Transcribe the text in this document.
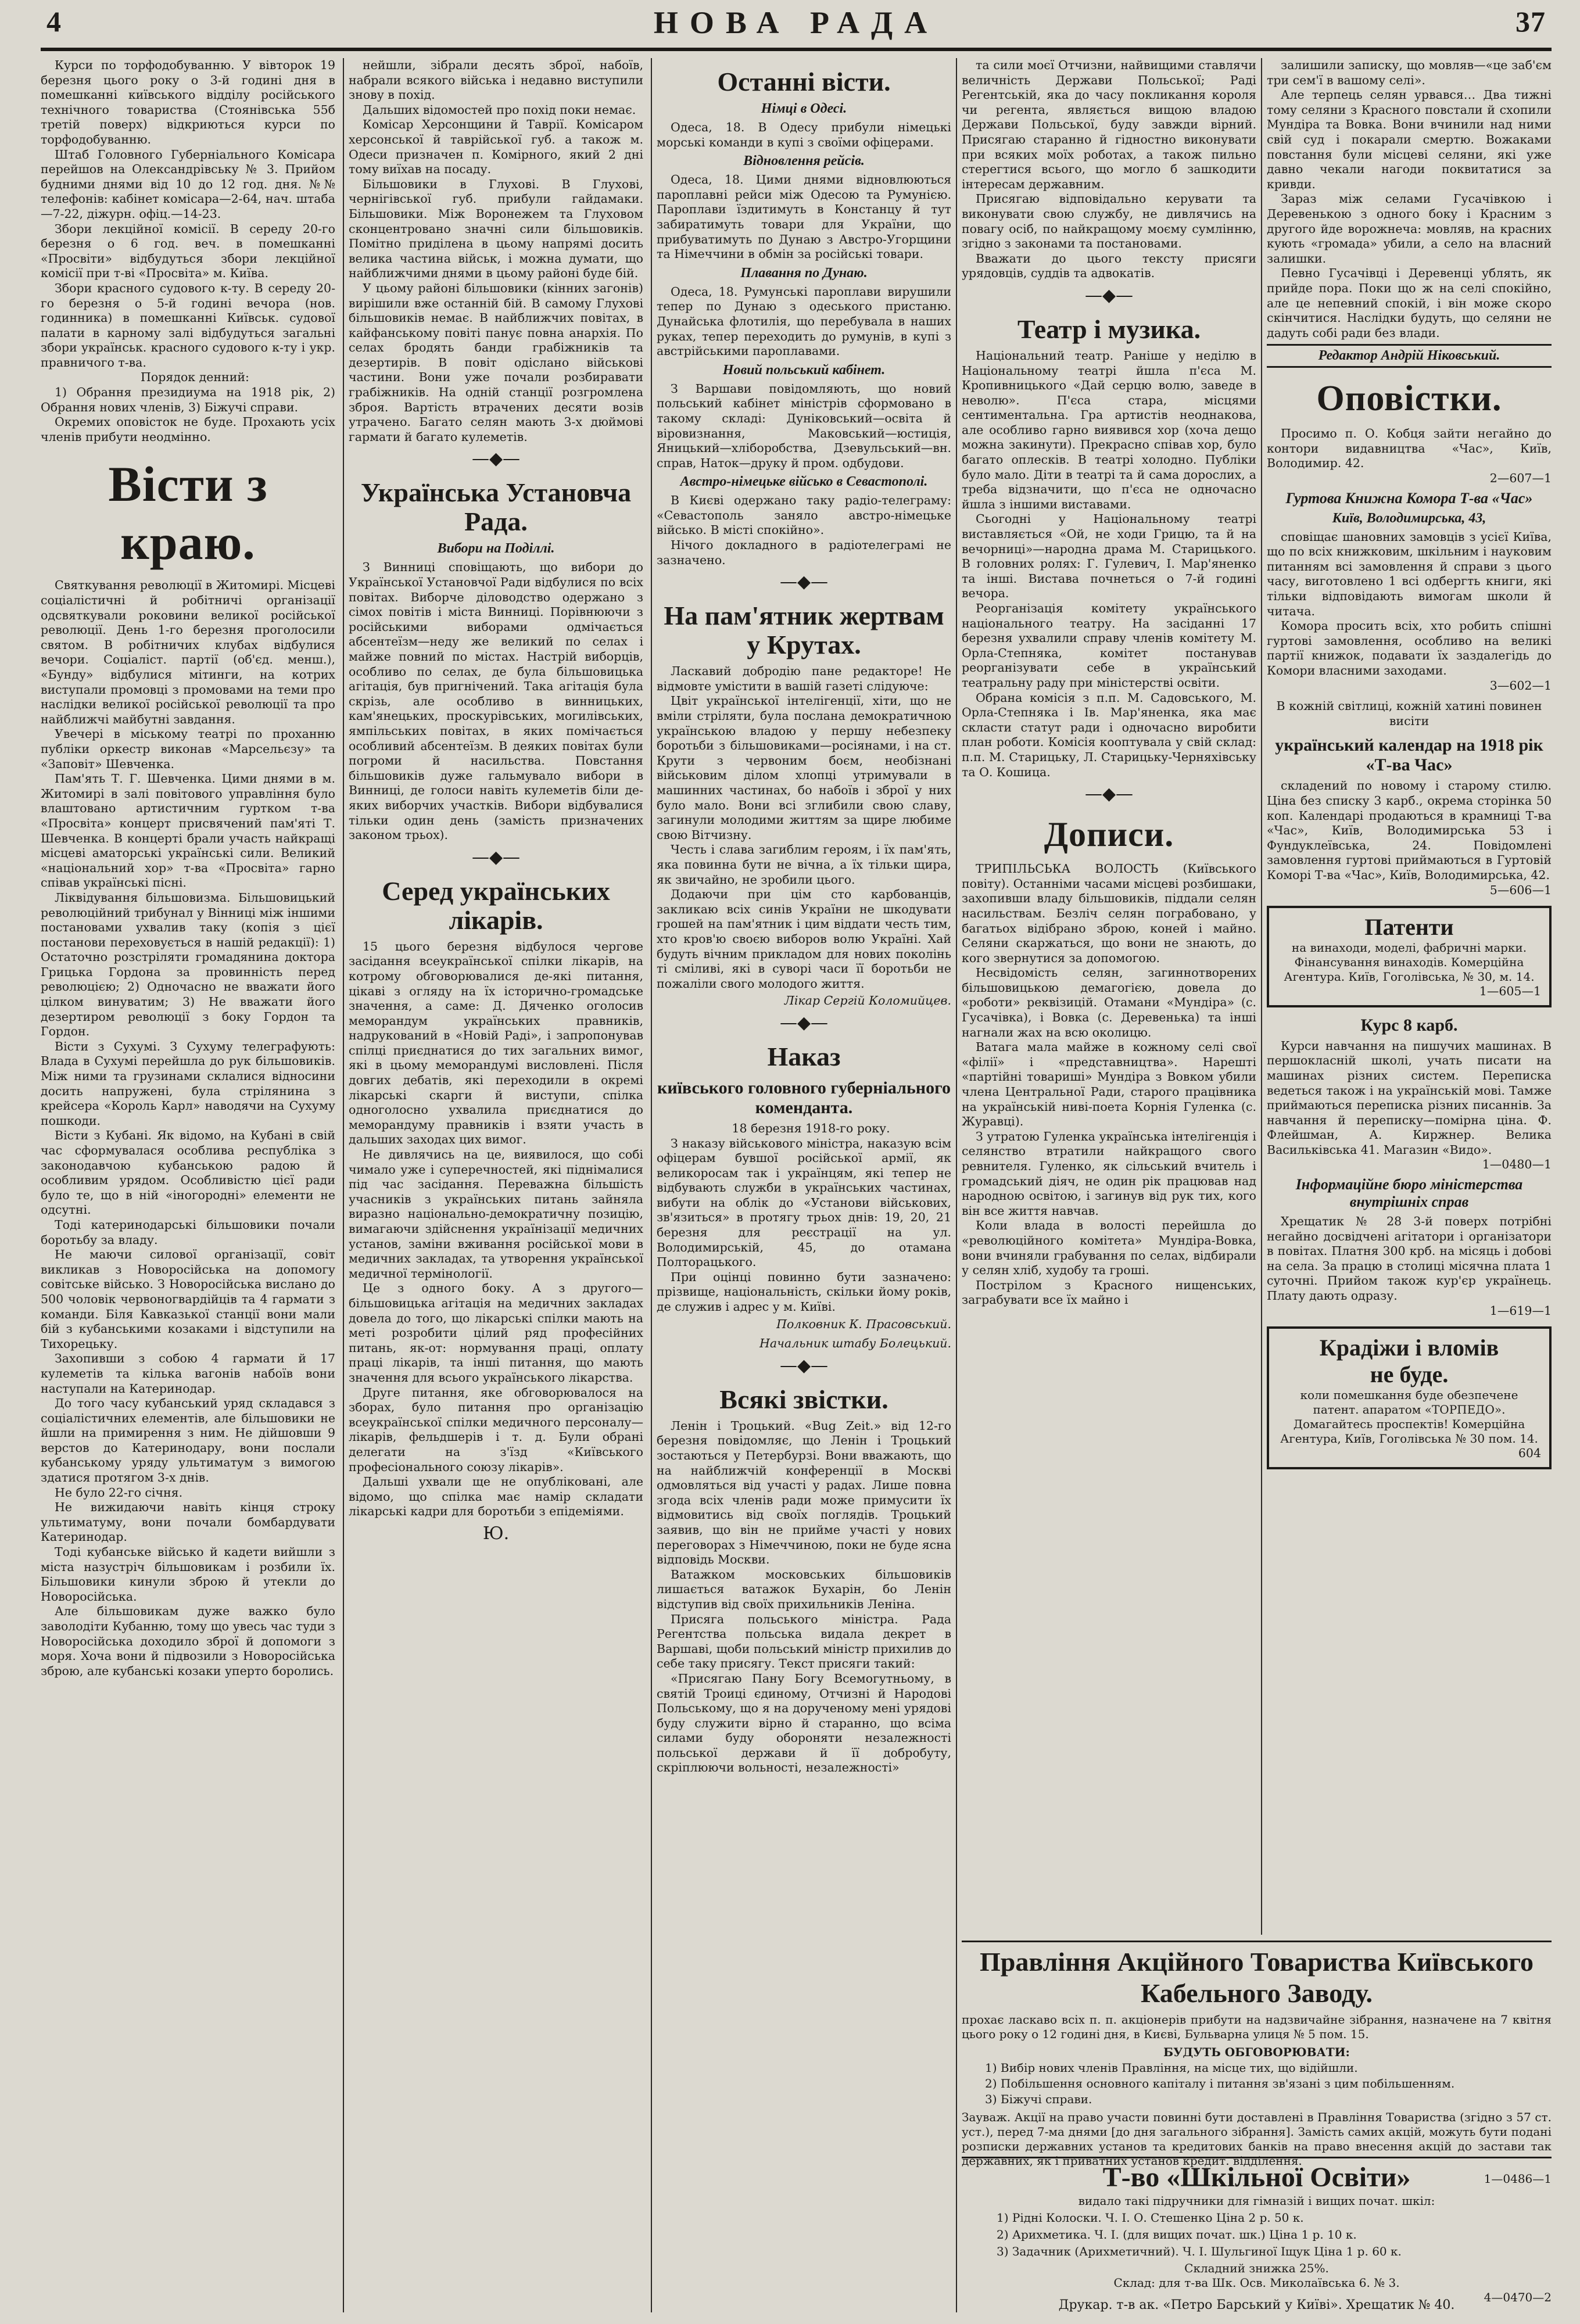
4	НОВА РАДА	37

Курси по торфодобуванню. У вівторок 19 березня цього року о 3-й годині дня в помешканні київського відділу російського технічного товариства (Стоянівська 55б третій поверх) відкриються курси по торфодобуванню.

Штаб Головного Губерніального Комісара перейшов на Олександрівську № 3. Прийом будними днями від 10 до 12 год. дня. №№ телефонів: кабінет комісара—2-64, нач. штаба—7-22, діжурн. офіц.—14-23.

Збори лекційної комісії. В середу 20-го березня о 6 год. веч. в помешканні «Просвіти» відбудуться збори лекційної комісії при т-ві «Просвіта» м. Київа.

Збори красного судового к-ту. В середу 20-го березня о 5-й годині вечора (нов. годинника) в помешканні Київськ. судової палати в карному залі відбудуться загальні збори українськ. красного судового к-ту і укр. правничого т-ва.

Порядок денний:

1) Обрання президиума на 1918 рік, 2) Обрання нових членів, 3) Біжучі справи.

Окремих оповісток не буде. Прохають усіх членів прибути неодмінно.

Вісти з краю.

Святкування революції в Житомирі. Місцеві соціалістичні й робітничі організації одсвяткували роковини великої російської революції. День 1-го березня проголосили святом. В робітничих клубах відбулися вечори. Соціаліст. партії (об'єд. менш.), «Бунду» відбулися мітинги, на котрих виступали промовці з промовами на теми про наслідки великої російської революції та про найближчі майбутні завдання.

Увечері в міському театрі по проханню публіки оркестр виконав «Марсельєзу» та «Заповіт» Шевченка.

Пам'ять Т. Г. Шевченка. Цими днями в м. Житомирі в залі повітового управління було влаштовано артистичним гуртком т-ва «Просвіта» концерт присвячений пам'яті Т. Шевченка. В концерті брали участь найкращі місцеві аматорські українські сили. Великий «національний хор» т-ва «Просвіта» гарно співав українські пісні.

Ліквідування більшовизма. Більшовицький революційний трибунал у Вінниці між іншими постановами ухвалив таку (копія з цієї постанови переховується в нашій редакції): 1) Остаточно розстріляти громадянина доктора Грицька Гордона за провинність перед революцією; 2) Одночасно не вважати його цілком винуватим; 3) Не вважати його дезертиром революції з боку Гордон та Гордон.

Вісти з Сухумі. З Сухуму телеграфують: Влада в Сухумі перейшла до рук більшовиків. Між ними та грузинами склалися відносини досить напружені, була стрілянина з крейсера «Король Карл» наводячи на Сухуму пошкоди.

Вісти з Кубані. Як відомо, на Кубані в свій час сформувалася особлива республіка з законодавчою кубанською радою й особливим урядом. Особливістю цієї ради було те, що в ній «іногородні» елементи не одсутні.

Тоді катеринодарські більшовики почали боротьбу за владу.

Не маючи силової організації, совіт викликав з Новоросійська на допомогу совітське військо. З Новоросійська вислано до 500 чоловік червоногвардійців та 4 гармати з команди. Біля Кавказької станції вони мали бій з кубанськими козаками і відступили на Тихорецьку.

Захопивши з собою 4 гармати й 17 кулеметів та кілька вагонів набоїв вони наступали на Катеринодар.

До того часу кубанський уряд складався з соціалістичних елементів, але більшовики не йшли на примирення з ним. Не дійшовши 9 верстов до Катеринодару, вони послали кубанському уряду ультиматум з вимогою здатися протягом 3-х днів.

Не було 22-го січня.

Не вижидаючи навіть кінця строку ультиматуму, вони почали бомбардувати Катеринодар.

Тоді кубанське військо й кадети вийшли з міста назустріч більшовикам і розбили їх. Більшовики кинули зброю й утекли до Новоросійська.

Але більшовикам дуже важко було заволодіти Кубанню, тому що увесь час туди з Новоросійська доходило зброї й допомоги з моря. Хоча вони й підвозили з Новоросійська зброю, але кубанські козаки уперто боролись.

нейшли, зібрали десять зброї, набоїв, набрали всякого війська і недавно виступили знову в похід.

Дальших відомостей про похід поки немає.

Комісар Херсонщини й Таврії. Комісаром херсонської й таврійської губ. а також м. Одеси призначен п. Комірного, який 2 дні тому виїхав на посаду.

Більшовики в Глухові. В Глухові, чернігівської губ. прибули гайдамаки. Більшовики. Між Воронежем та Глуховом сконцентровано значні сили більшовиків. Помітно приділена в цьому напрямі досить велика частина військ, і можна думати, що найближчими днями в цьому районі буде бій.

У цьому районі більшовики (кінних загонів) вирішили вже останній бій. В самому Глухові більшовиків немає. В найближчих повітах, в кайфанському повіті панує повна анархія. По селах бродять банди грабіжників та дезертирів. В повіт одіслано військові частини. Вони уже почали розбиравати грабіжників. На одній станції розгромлена зброя. Вартість втрачених десяти возів утрачено. Багато селян мають 3-х дюймові гармати й багато кулеметів.

—◆—
Українська Установча Рада.
Вибори на Поділлі.

З Винниці сповіщають, що вибори до Української Установчої Ради відбулися по всіх повітах. Виборче діловодство одержано з сімох повітів і міста Винниці. Порівнюючи з російськими виборами одмічається абсентеїзм—неду же великий по селах і майже повний по містах. Настрій виборців, особливо по селах, де була більшовицька агітація, був пригнічений. Така агітація була скрізь, але особливо в винницьких, кам'янецьких, проскурівських, могилівських, ямпільських повітах, в яких помічається особливий абсентеїзм. В деяких повітах були погроми й насильства. Повстання більшовиків дуже гальмувало вибори в Винниці, де голоси навіть кулеметів біли де-яких виборчих участків. Вибори відбувалися тільки один день (замість призначених законом трьох).

—◆—
Серед українських лікарів.

15 цього березня відбулося чергове засідання всеукраїнської спілки лікарів, на котрому обговорювалися де-які питання, цікаві з огляду на їх історично-громадське значення, а саме: Д. Дяченко оголосив меморандум українських правників, надрукований в «Новій Раді», і запропонував спілці приєднатися до тих загальних вимог, які в цьому меморандумі висловлені. Після довгих дебатів, які переходили в окремі лікарські скарги й виступи, спілка одноголосно ухвалила приєднатися до меморандуму правників і взяти участь в дальших заходах цих вимог.

Не дивлячись на це, виявилося, що собі чимало уже і суперечностей, які піднімалися під час засідання. Переважна більшість учасників з українських питань зайняла виразно національно-демократичну позицію, вимагаючи здійснення українізації медичних установ, заміни вживання російської мови в медичних закладах, та утворення української медичної термінології.

Це з одного боку. А з другого—більшовицька агітація на медичних закладах довела до того, що лікарські спілки мають на меті розробити цілий ряд професійних питань, як-от: нормування праці, оплату праці лікарів, та інші питання, що мають значення для всього українського лікарства.

Друге питання, яке обговорювалося на зборах, було питання про організацію всеукраїнської спілки медичного персоналу—лікарів, фельдшерів і т. д. Були обрані делегати на з'їзд «Київського професіонального союзу лікарів».

Дальші ухвали ще не опубліковані, але відомо, що спілка має намір складати лікарські кадри для боротьби з епідеміями.

Ю.
Останні вісти.
Німці в Одесі.

Одеса, 18. В Одесу прибули німецькі морські команди в купі з своїми офіцерами.

Відновлення рейсів.

Одеса, 18. Цими днями відновлюються пароплавні рейси між Одесою та Румунією. Пароплави їздитимуть в Констанцу й тут забиратимуть товари для України, що прибуватимуть по Дунаю з Австро-Угорщини та Німеччини в обмін за російські товари.

Плавання по Дунаю.

Одеса, 18. Румунські пароплави вирушили тепер по Дунаю з одеського пристаню. Дунайська флотилія, що перебувала в наших руках, тепер переходить до румунів, в купі з австрійськими пароплавами.

Новий польський кабінет.

З Варшави повідомляють, що новий польський кабінет міністрів сформовано в такому складі: Дуніковський—освіта й віровизнання, Маковський—юстиція, Яницький—хліборобства, Дзевульський—вн. справ, Наток—друку й пром. одбудови.

Австро-німецьке військо в Севастополі.

В Києві одержано таку радіо-телеграму: «Севастополь заняло австро-німецьке військо. В місті спокійно».

Нічого докладного в радіотелеграмі не зазначено.

—◆—
На пам'ятник жертвам у Крутах.

Ласкавий добродію пане редакторе! Не відмовте умістити в вашій газеті слідуюче:

Цвіт української інтелігенції, хіти, що не вміли стріляти, була послана демократичною українською владою у першу небезпеку боротьби з більшовиками—росіянами, і на ст. Крути з червоним боєм, необізнані військовим ділом хлопці утримували в машинних частинах, бо набоїв і зброї у них було мало. Вони всі зглибили свою славу, загинули молодими життям за щире любиме свою Вітчизну.

Честь і слава загиблим героям, і їх пам'ять, яка повинна бути не вічна, а їх тільки щира, як звичайно, не зробили цього.

Додаючи при цім сто карбованців, закликаю всіх синів України не шкодувати грошей на пам'ятник і цим віддати честь тим, хто кров'ю своєю виборов волю Україні. Хай будуть вічним прикладом для нових поколінь ті сміливі, які в суворі часи її боротьби не пожаліли свого молодого життя.

Лікар Сергій Коломийцев.
—◆—
Наказ
київського головного губерніального коменданта.

18 березня 1918-го року.

З наказу військового міністра, наказую всім офіцерам бувшої російської армії, як великоросам так і українцям, які тепер не відбувають служби в українських частинах, вибути на облік до «Установи військових, зв'язиться» в протягу трьох днів: 19, 20, 21 березня для реєстрації на ул. Володимирській, 45, до отамана Полторацького.

При оцінці повинно бути зазначено: прізвище, національність, скільки йому років, де служив і адрес у м. Київі.

Полковник К. Прасовський.
Начальник штабу Болецький.
—◆—
Всякі звістки.

Ленін і Троцький. «Bug Zeit.» від 12-го березня повідомляє, що Ленін і Троцький зостаються у Петербурзі. Вони вважають, що на найближчій конференції в Москві одмовляться від участі у радах. Лише повна згода всіх членів ради може примусити їх відмовитись від своїх поглядів. Троцький заявив, що він не прийме участі у нових переговорах з Німеччиною, поки не буде ясна відповідь Москви.

Ватажком московських більшовиків лишається ватажок Бухарін, бо Ленін відступив від своїх прихильників Леніна.

Присяга польського міністра. Рада Регентства польська видала декрет в Варшаві, щоби польський міністр прихилив до себе таку присягу. Текст присяги такий:

«Присягаю Пану Богу Всемогутньому, в святій Троиці єдиному, Отчизні й Народові Польському, що я на дорученому мені урядові буду служити вірно й старанно, що всіма силами буду обороняти незалежності польської держави й її добробуту, скріплюючи вольності, незалежності»

та сили моєї Отчизни, найвищими ставлячи величність Держави Польської; Раді Регентській, яка до часу покликання короля чи регента, являється вищою владою Держави Польської, буду завжди вірний. Присягаю старанно й гідностно виконувати при всяких моїх роботах, а також пильно стерегтися всього, що могло б зашкодити інтересам державним.

Присягаю відповідально керувати та виконувати свою службу, не дивлячись на повагу осіб, по найкращому моєму сумлінню, згідно з законами та постановами.

Вважати до цього тексту присяги урядовців, суддів та адвокатів.

—◆—
Театр і музика.

Національний театр. Раніше у неділю в Національному театрі йшла п'єса М. Кропивницького «Дай серцю волю, заведе в неволю». П'єса стара, місцями сентиментальна. Гра артистів неоднакова, але особливо гарно виявився хор (хоча дещо можна закинути). Прекрасно співав хор, було багато оплесків. В театрі холодно. Публіки було мало. Діти в театрі та й сама дорослих, а треба відзначити, що п'єса не одночасно йшла з іншими виставами.

Сьогодні у Національному театрі виставляється «Ой, не ходи Грицю, та й на вечорниці»—народна драма М. Старицького. В головних ролях: Г. Гулевич, І. Мар'яненко та інші. Вистава почнеться о 7-й годині вечора.

Реорганізація комітету українського національного театру. На засіданні 17 березня ухвалили справу членів комітету М. Орла-Степняка, комітет постанував реорганізувати себе в український театральну раду при міністерстві освіти.

Обрана комісія з п.п. М. Садовського, М. Орла-Степняка і Ів. Мар'яненка, яка має скласти статут ради і одночасно виробити план роботи. Комісія кооптувала у свій склад: п.п. М. Старицьку, Л. Старицьку-Черняхівську та О. Кошица.

—◆—
Дописи.

ТРИПІЛЬСЬКА ВОЛОСТЬ (Київського повіту). Останніми часами місцеві розбишаки, захопивши владу більшовиків, піддали селян насильствам. Безліч селян пограбовано, у багатьох відібрано зброю, коней і майно. Селяни скаржаться, що вони не знають, до кого звернутися за допомогою.

Несвідомість селян, загиннотворених більшовицькою демагогією, довела до «роботи» реквізицій. Отамани «Мундіра» (с. Гусачівка), і Вовка (с. Деревенька) та інші нагнали жах на всю околицю.

Ватага мала майже в кожному селі свої «філії» і «представництва». Нарешті «партійні товариші» Мундіра з Вовком убили члена Центральної Ради, старого працівника на українській ниві-поета Корнія Гуленка (с. Журавці).

З утратою Гуленка українська інтелігенція і селянство втратили найкращого свого ревнителя. Гуленко, як сільський вчитель і громадський діяч, не один рік працював над народною освітою, і загинув від рук тих, кого він все життя навчав.

Коли влада в волості перейшла до «революційного комітета» Мундіра-Вовка, вони вчиняли грабування по селах, відбирали у селян хліб, худобу та гроші.

Пострілом з Красного нищенських, заграбувати все їх майно і

залишили записку, що мовляв—«це заб'єм три сем'ї в вашому селі».

Але терпець селян урвався… Два тижні тому селяни з Красного повстали й схопили Мундіра та Вовка. Вони вчинили над ними свій суд і покарали смертю. Вожаками повстання були місцеві селяни, які уже давно чекали нагоди поквитатися за кривди.

Зараз між селами Гусачівкою і Деревенькою з одного боку і Красним з другого йде ворожнеча: мовляв, на красних кують «громада» убили, а село на власний залишки.

Певно Гусачівці і Деревенці ублять, як прийде пора. Поки що ж на селі спокійно, але це непевний спокій, і він може скоро скінчитися. Наслідки будуть, що селяни не дадуть собі ради без влади.

Редактор Андрій Ніковський.
Оповістки.

Просимо п. О. Кобця зайти негайно до контори видавництва «Час», Київ, Володимир. 42.

2—607—1
Гуртова Книжна Комора Т-ва «Час»
Київ, Володимирська, 43,

сповіщає шановних замовців з усієї Київа, що по всіх книжковим, шкільним і науковим питанням всі замовлення й справи з цього часу, виготовлено 1 всі одбергть книги, які тільки відповідають вимогам школи й читача.

Комора просить всіх, хто робить спішні гуртові замовлення, особливо на великі партії книжок, подавати їх заздалегідь до Комори власними заходами.

3—602—1
В кожній світлиці, кожній хатині повинен висіти
український календар на 1918 рік «Т-ва Час»

складений по новому і старому стилю. Ціна без списку 3 карб., окрема сторінка 50 коп. Календарі продаються в крамниці Т-ва «Час», Київ, Володимирська 53 і Фундуклеївська, 24. Повідомлені замовлення гуртові приймаються в Гуртовій Коморі Т-ва «Час», Київ, Володимирська, 42.

5—606—1
Патенти
на винаходи, моделі, фабричні марки. Фінансування винаходів. Комерційна Агентура. Київ, Гоголівська, № 30, м. 14.
1—605—1
Курс 8 карб.

Курси навчання на пишучих машинах. В першокласній школі, учать писати на машинах різних систем. Переписка ведеться також і на українській мові. Тамже приймаються переписка різних писаннів. За навчання й переписку—помірна ціна. Ф. Флейшман, А. Киржнер. Велика Васильківська 41. Магазин «Видо».

1—0480—1
Інформаційне бюро міністерства внутрішніх справ

Хрещатик № 28 3-й поверх потрібні негайно досвідчені агітатори і організатори в повітах. Платня 300 крб. на місяць і добові на села. За працю в столиці місячна плата 1 суточні. Прийом також кур'єр українець. Плату дають одразу.

1—619—1
Крадіжи і вломів
не буде.
коли помешкання буде обезпечене патент. апаратом «ТОРПЕДО». Домагайтесь проспектів! Комерційна Агентура, Київ, Гоголівська № 30 пом. 14.
604
Правління Акційного Товариства Київського Кабельного Заводу.
прохає ласкаво всіх п. п. акціонерів прибути на надзвичайне зібрання, назначене на 7 квітня цього року о 12 годині дня, в Києві, Бульварна улиця № 5 пом. 15.
БУДУТЬ ОБГОВОРЮВАТИ:
1) Вибір нових членів Правління, на місце тих, що відійшли.
2) Побільшення основного капіталу і питання зв'язані з цим побільшенням.
3) Біжучі справи.
Зауваж. Акції на право участи повинні бути доставлені в Правління Товариства (згідно з 57 ст. уст.), перед 7-ма днями [до дня загального зібрання]. Замість самих акцій, можуть бути подані розписки державних установ та кредитових банків на право внесення акцій до застави так державних, як і приватних установ кредит. відділення.
1—0486—1
Т-во «Шкільної Освіти»
видало такі підручники для гімназій і вищих почат. шкіл:
1) Рідні Колоски. Ч. І. О. Стешенко Ціна 2 р. 50 к.
2) Арихметика. Ч. І. (для вищих почат. шк.) Ціна 1 р. 10 к.
3) Задачник (Арихметичний). Ч. І. Шульгиної Іщук Ціна 1 р. 60 к.
Складний знижка 25%.
Склад: для т-ва Шк. Осв. Миколаївська 6. № 3.
4—0470—2
Друкар. т-в ак. «Петро Барський у Київі». Хрещатик № 40.
